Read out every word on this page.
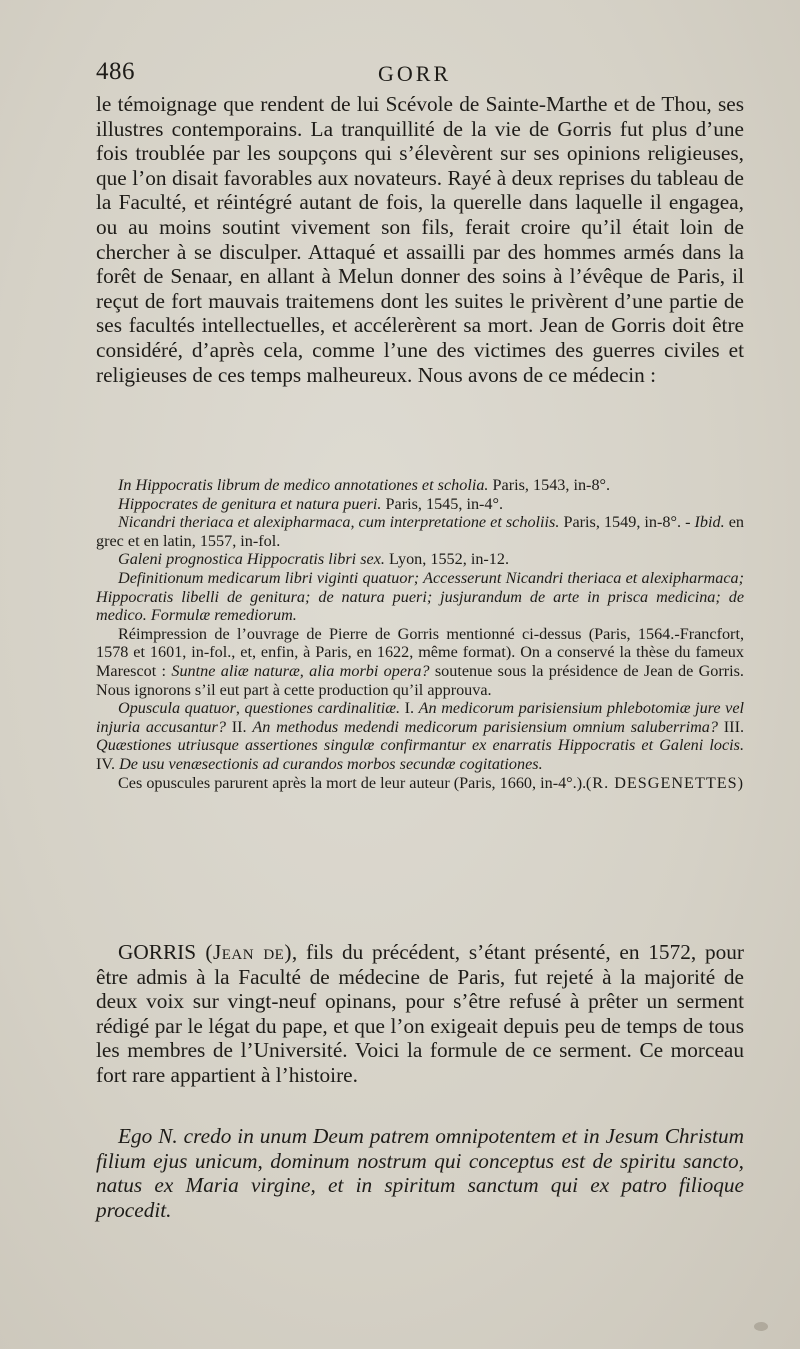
486	GORR
le témoignage que rendent de lui Scévole de Sainte-Marthe et de Thou, ses illustres contemporains. La tranquillité de la vie de Gorris fut plus d’une fois troublée par les soupçons qui s’élevèrent sur ses opinions religieuses, que l’on disait favorables aux novateurs. Rayé à deux reprises du tableau de la Faculté, et réintégré autant de fois, la querelle dans laquelle il engagea, ou au moins soutint vivement son fils, ferait croire qu’il était loin de chercher à se disculper. Attaqué et assailli par des hommes armés dans la forêt de Senaar, en allant à Melun donner des soins à l’évêque de Paris, il reçut de fort mauvais traitemens dont les suites le privèrent d’une partie de ses facultés intellectuelles, et accélerèrent sa mort. Jean de Gorris doit être considéré, d’après cela, comme l’une des victimes des guerres civiles et religieuses de ces temps malheureux. Nous avons de ce médecin :

In Hippocratis librum de medico annotationes et scholia. Paris, 1543, in-8°.

Hippocrates de genitura et natura pueri. Paris, 1545, in-4°.

Nicandri theriaca et alexipharmaca, cum interpretatione et scholiis. Paris, 1549, in-8°. - Ibid. en grec et en latin, 1557, in-fol.

Galeni prognostica Hippocratis libri sex. Lyon, 1552, in-12.

Definitionum medicarum libri viginti quatuor; Accesserunt Nicandri theriaca et alexipharmaca; Hippocratis libelli de genitura; de natura pueri; jusjurandum de arte in prisca medicina; de medico. Formulæ remediorum.

Réimpression de l’ouvrage de Pierre de Gorris mentionné ci-dessus (Paris, 1564.-Francfort, 1578 et 1601, in-fol., et, enfin, à Paris, en 1622, même format). On a conservé la thèse du fameux Marescot : Suntne aliæ naturæ, alia morbi opera? soutenue sous la présidence de Jean de Gorris. Nous ignorons s’il eut part à cette production qu’il approuva.

Opuscula quatuor, questiones cardinalitiæ. I. An medicorum parisiensium phlebotomiæ jure vel injuria accusantur? II. An methodus medendi medicorum parisiensium omnium saluberrima? III. Quæstiones utriusque assertiones singulæ confirmantur ex enarratis Hippocratis et Galeni locis. IV. De usu venæsectionis ad curandos morbos secundæ cogitationes.

Ces opuscules parurent après la mort de leur auteur (Paris, 1660, in-4°.). (R. DESGENETTES)

GORRIS (Jean de), fils du précédent, s’étant présenté, en 1572, pour être admis à la Faculté de médecine de Paris, fut rejeté à la majorité de deux voix sur vingt-neuf opinans, pour s’être refusé à prêter un serment rédigé par le légat du pape, et que l’on exigeait depuis peu de temps de tous les membres de l’Université. Voici la formule de ce serment. Ce morceau fort rare appartient à l’histoire.

Ego N. credo in unum Deum patrem omnipotentem et in Jesum Christum filium ejus unicum, dominum nostrum qui conceptus est de spiritu sancto, natus ex Maria virgine, et in spiritum sanctum qui ex patro filioque procedit.
